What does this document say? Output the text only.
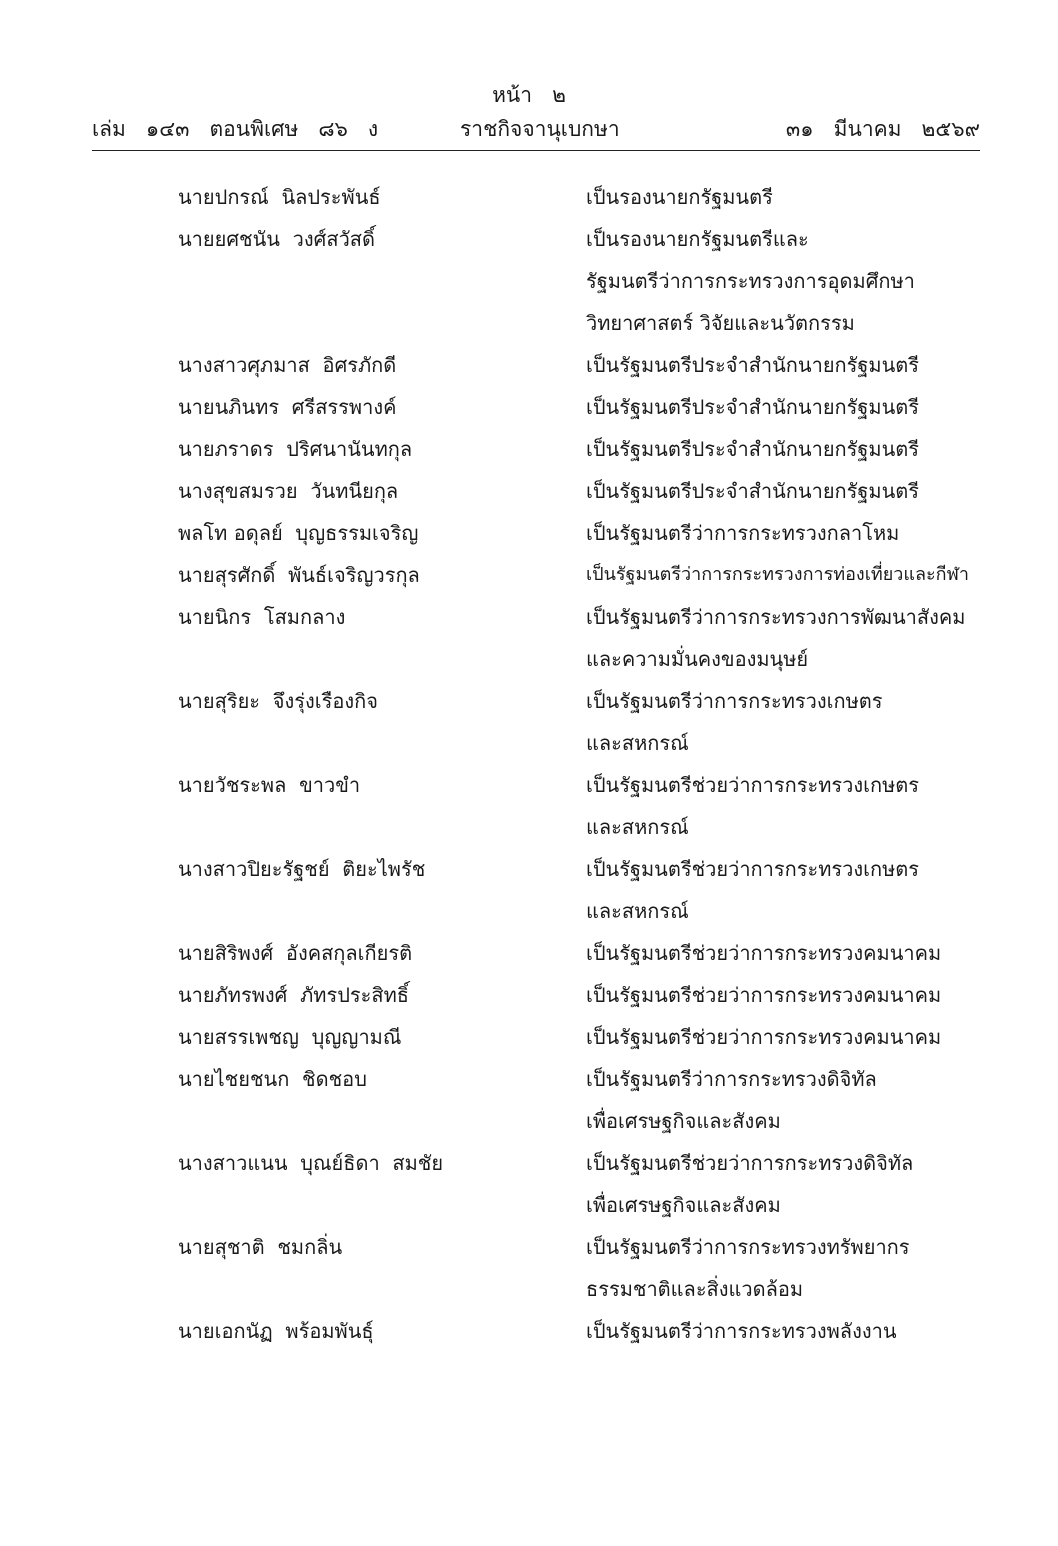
หน้า   ๒
เล่ม   ๑๔๓   ตอนพิเศษ   ๘๖   ง	ราชกิจจานุเบกษา	๓๑   มีนาคม   ๒๕๖๙
นายปกรณ์  นิลประพันธ์	เป็นรองนายกรัฐมนตรี
นายยศชนัน  วงศ์สวัสดิ์	เป็นรองนายกรัฐมนตรีและ
รัฐมนตรีว่าการกระทรวงการอุดมศึกษา
วิทยาศาสตร์ วิจัยและนวัตกรรม
นางสาวศุภมาส  อิศรภักดี	เป็นรัฐมนตรีประจำสำนักนายกรัฐมนตรี
นายนภินทร  ศรีสรรพางค์	เป็นรัฐมนตรีประจำสำนักนายกรัฐมนตรี
นายภราดร  ปริศนานันทกุล	เป็นรัฐมนตรีประจำสำนักนายกรัฐมนตรี
นางสุขสมรวย  วันทนียกุล	เป็นรัฐมนตรีประจำสำนักนายกรัฐมนตรี
พลโท อดุลย์  บุญธรรมเจริญ	เป็นรัฐมนตรีว่าการกระทรวงกลาโหม
นายสุรศักดิ์  พันธ์เจริญวรกุล	เป็นรัฐมนตรีว่าการกระทรวงการท่องเที่ยวและกีฬา
นายนิกร  โสมกลาง	เป็นรัฐมนตรีว่าการกระทรวงการพัฒนาสังคม
และความมั่นคงของมนุษย์
นายสุริยะ  จึงรุ่งเรืองกิจ	เป็นรัฐมนตรีว่าการกระทรวงเกษตร
และสหกรณ์
นายวัชระพล  ขาวขำ	เป็นรัฐมนตรีช่วยว่าการกระทรวงเกษตร
และสหกรณ์
นางสาวปิยะรัฐชย์  ติยะไพรัช	เป็นรัฐมนตรีช่วยว่าการกระทรวงเกษตร
และสหกรณ์
นายสิริพงศ์  อังคสกุลเกียรติ	เป็นรัฐมนตรีช่วยว่าการกระทรวงคมนาคม
นายภัทรพงศ์  ภัทรประสิทธิ์	เป็นรัฐมนตรีช่วยว่าการกระทรวงคมนาคม
นายสรรเพชญ  บุญญามณี	เป็นรัฐมนตรีช่วยว่าการกระทรวงคมนาคม
นายไชยชนก  ชิดชอบ	เป็นรัฐมนตรีว่าการกระทรวงดิจิทัล
เพื่อเศรษฐกิจและสังคม
นางสาวแนน  บุณย์ธิดา  สมชัย	เป็นรัฐมนตรีช่วยว่าการกระทรวงดิจิทัล
เพื่อเศรษฐกิจและสังคม
นายสุชาติ  ชมกลิ่น	เป็นรัฐมนตรีว่าการกระทรวงทรัพยากร
ธรรมชาติและสิ่งแวดล้อม
นายเอกนัฏ  พร้อมพันธุ์	เป็นรัฐมนตรีว่าการกระทรวงพลังงาน
